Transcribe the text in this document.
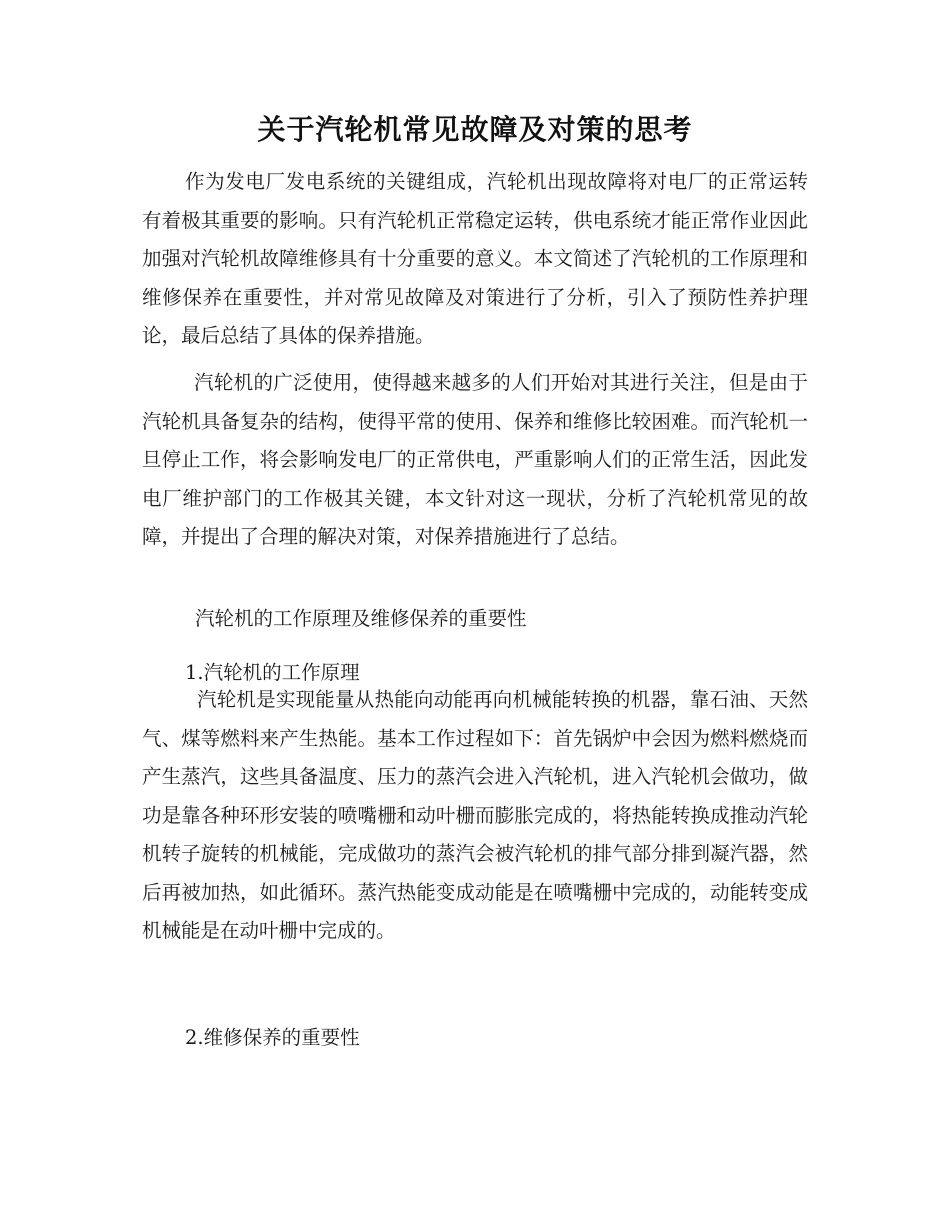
关于汽轮机常见故障及对策的思考

作为发电厂发电系统的关键组成，汽轮机出现故障将对电厂的正常运转有着极其重要的影响。只有汽轮机正常稳定运转，供电系统才能正常作业因此加强对汽轮机故障维修具有十分重要的意义。本文简述了汽轮机的工作原理和维修保养在重要性，并对常见故障及对策进行了分析，引入了预防性养护理论，最后总结了具体的保养措施。

汽轮机的广泛使用，使得越来越多的人们开始对其进行关注，但是由于汽轮机具备复杂的结构，使得平常的使用、保养和维修比较困难。而汽轮机一旦停止工作，将会影响发电厂的正常供电，严重影响人们的正常生活，因此发电厂维护部门的工作极其关键，本文针对这一现状，分析了汽轮机常见的故障，并提出了合理的解决对策，对保养措施进行了总结。

汽轮机的工作原理及维修保养的重要性

1.汽轮机的工作原理

汽轮机是实现能量从热能向动能再向机械能转换的机器，靠石油、天然气、煤等燃料来产生热能。基本工作过程如下：首先锅炉中会因为燃料燃烧而产生蒸汽，这些具备温度、压力的蒸汽会进入汽轮机，进入汽轮机会做功，做功是靠各种环形安装的喷嘴栅和动叶栅而膨胀完成的，将热能转换成推动汽轮机转子旋转的机械能，完成做功的蒸汽会被汽轮机的排气部分排到凝汽器，然后再被加热，如此循环。蒸汽热能变成动能是在喷嘴栅中完成的，动能转变成机械能是在动叶栅中完成的。

2.维修保养的重要性
